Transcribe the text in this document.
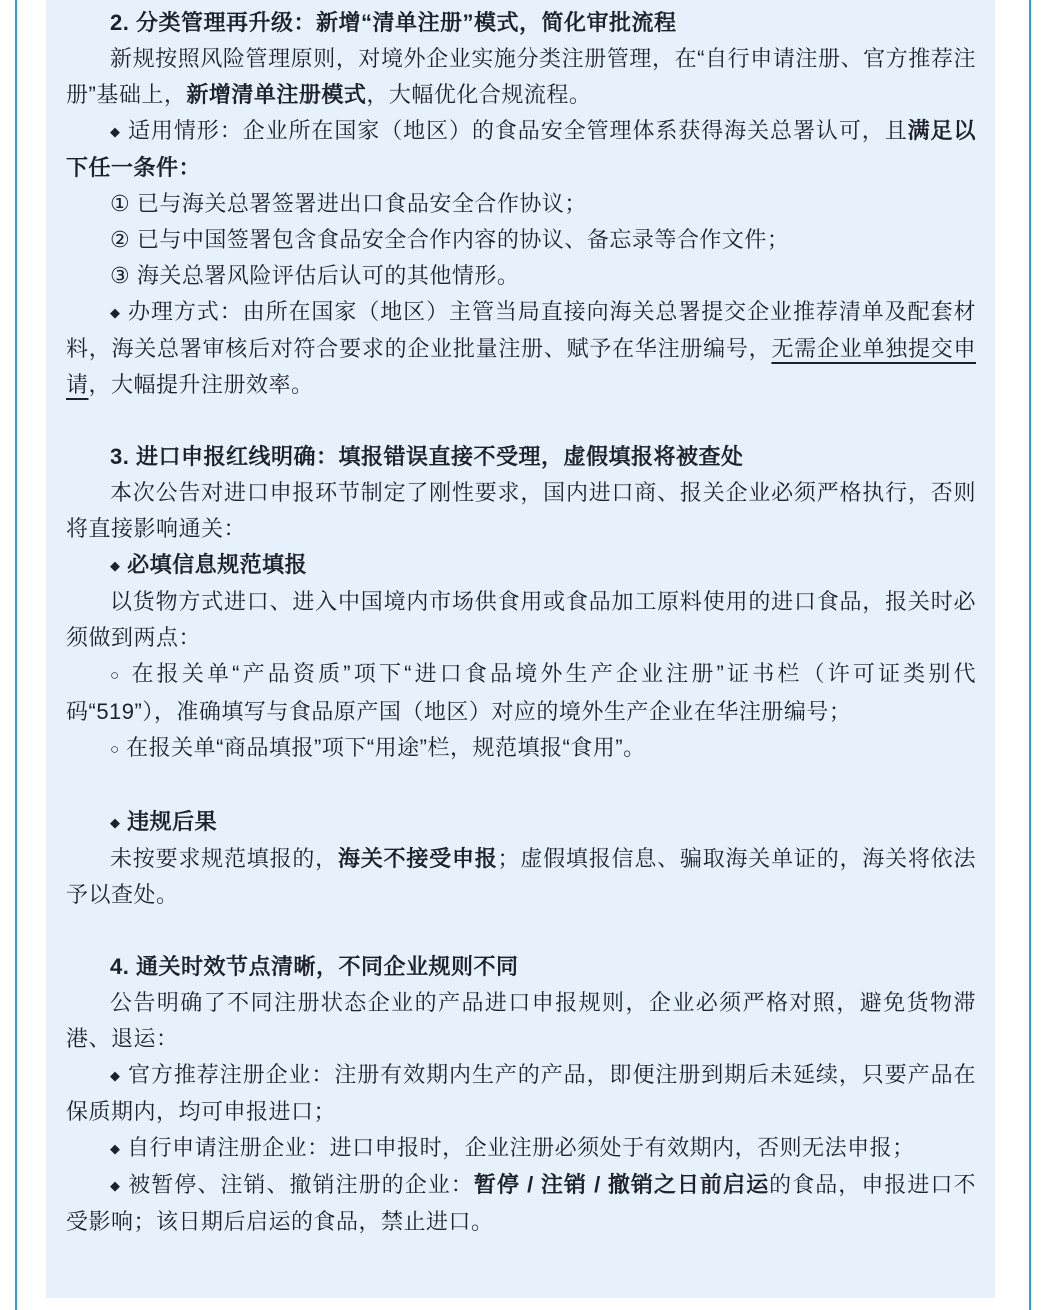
2. 分类管理再升级：新增“清单注册”模式，简化审批流程

新规按照风险管理原则，对境外企业实施分类注册管理，在“自行申请注册、官方推荐注册”基础上，新增清单注册模式，大幅优化合规流程。

◆ 适用情形：企业所在国家（地区）的食品安全管理体系获得海关总署认可，且满足以下任一条件：

① 已与海关总署签署进出口食品安全合作协议；

② 已与中国签署包含食品安全合作内容的协议、备忘录等合作文件；

③ 海关总署风险评估后认可的其他情形。

◆ 办理方式：由所在国家（地区）主管当局直接向海关总署提交企业推荐清单及配套材料，海关总署审核后对符合要求的企业批量注册、赋予在华注册编号，无需企业单独提交申请，大幅提升注册效率。

3. 进口申报红线明确：填报错误直接不受理，虚假填报将被查处

本次公告对进口申报环节制定了刚性要求，国内进口商、报关企业必须严格执行，否则将直接影响通关：

◆ 必填信息规范填报

以货物方式进口、进入中国境内市场供食用或食品加工原料使用的进口食品，报关时必须做到两点：

○ 在报关单“产品资质”项下“进口食品境外生产企业注册”证书栏（许可证类别代码“519”），准确填写与食品原产国（地区）对应的境外生产企业在华注册编号；

○ 在报关单“商品填报”项下“用途”栏，规范填报“食用”。

◆ 违规后果

未按要求规范填报的，海关不接受申报；虚假填报信息、骗取海关单证的，海关将依法予以查处。

4. 通关时效节点清晰，不同企业规则不同

公告明确了不同注册状态企业的产品进口申报规则，企业必须严格对照，避免货物滞港、退运：

◆ 官方推荐注册企业：注册有效期内生产的产品，即便注册到期后未延续，只要产品在保质期内，均可申报进口；

◆ 自行申请注册企业：进口申报时，企业注册必须处于有效期内，否则无法申报；

◆ 被暂停、注销、撤销注册的企业：暂停 / 注销 / 撤销之日前启运的食品，申报进口不受影响；该日期后启运的食品，禁止进口。
